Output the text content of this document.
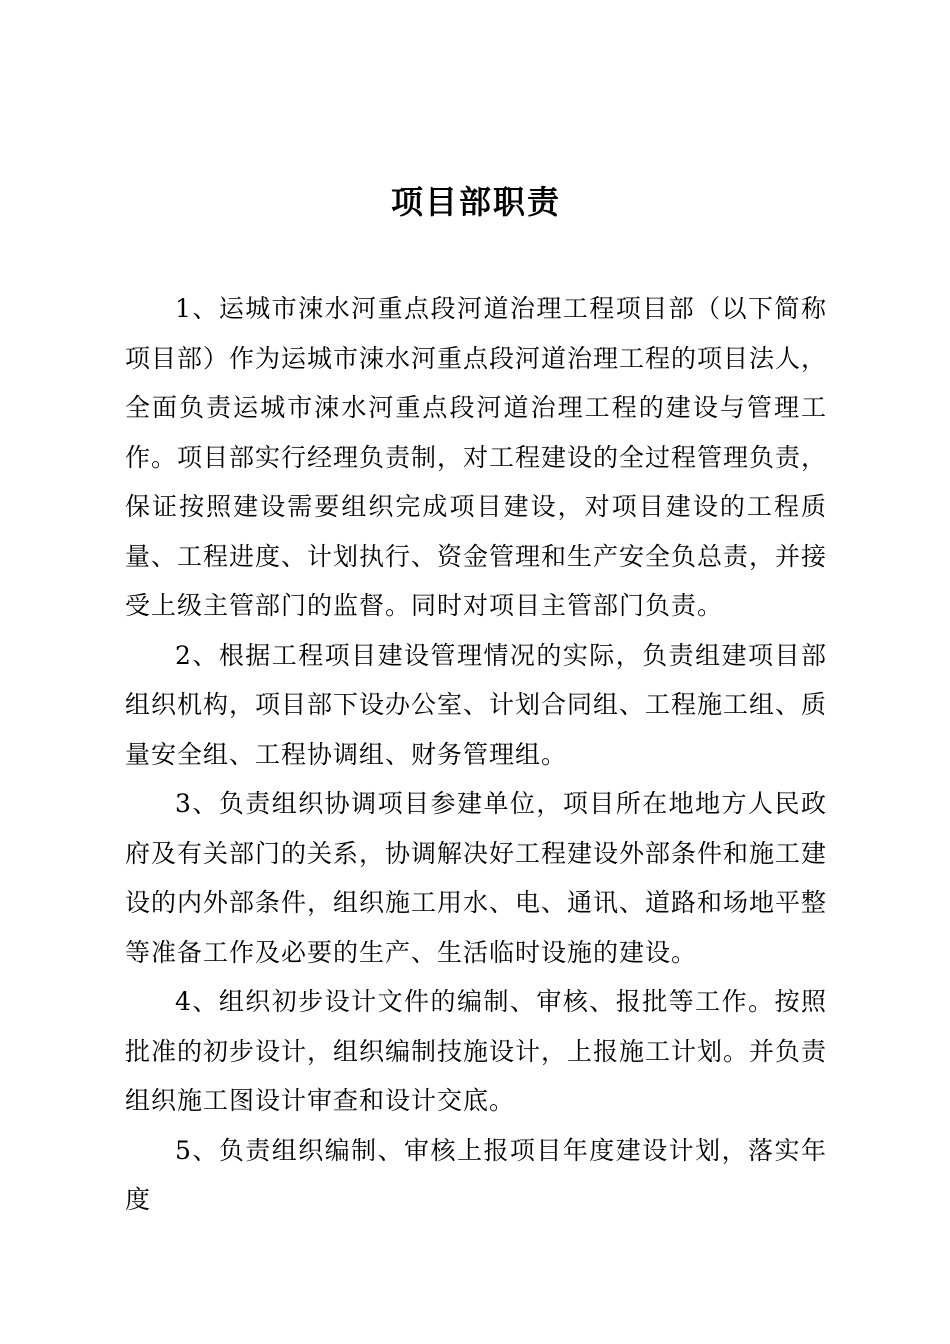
项目部职责

1、运城市涑水河重点段河道治理工程项目部（以下简称项目部）作为运城市涑水河重点段河道治理工程的项目法人，全面负责运城市涑水河重点段河道治理工程的建设与管理工作。项目部实行经理负责制，对工程建设的全过程管理负责，保证按照建设需要组织完成项目建设，对项目建设的工程质量、工程进度、计划执行、资金管理和生产安全负总责，并接受上级主管部门的监督。同时对项目主管部门负责。

2、根据工程项目建设管理情况的实际，负责组建项目部组织机构，项目部下设办公室、计划合同组、工程施工组、质量安全组、工程协调组、财务管理组。

3、负责组织协调项目参建单位，项目所在地地方人民政府及有关部门的关系，协调解决好工程建设外部条件和施工建设的内外部条件，组织施工用水、电、通讯、道路和场地平整等准备工作及必要的生产、生活临时设施的建设。

4、组织初步设计文件的编制、审核、报批等工作。按照批准的初步设计，组织编制技施设计，上报施工计划。并负责组织施工图设计审查和设计交底。

5、负责组织编制、审核上报项目年度建设计划，落实年度
